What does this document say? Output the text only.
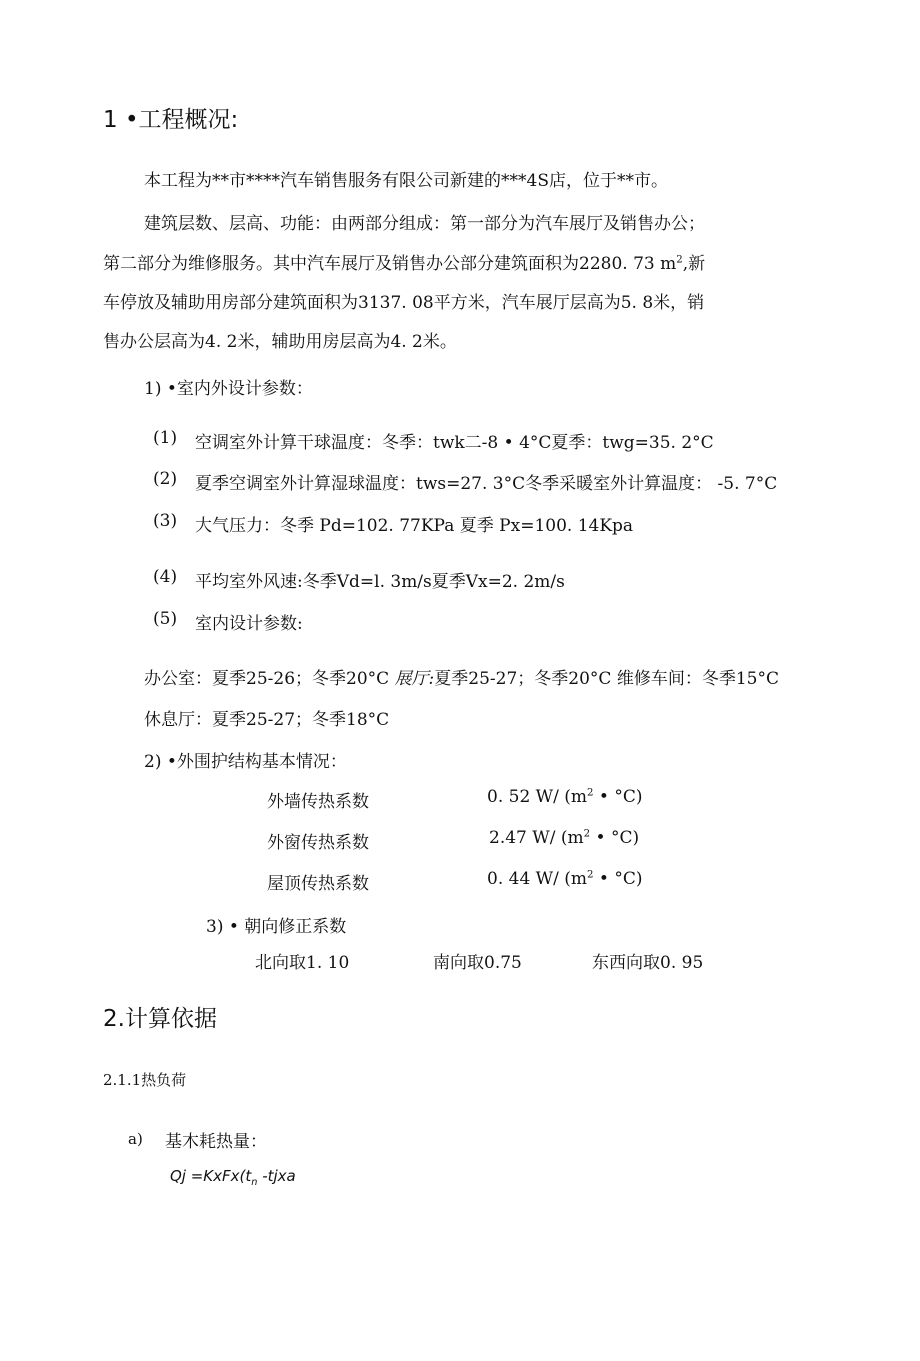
1 •工程概况:
本工程为**市****汽车销售服务有限公司新建的***4S店，位于**市。
建筑层数、层高、功能：由两部分组成：第一部分为汽车展厅及销售办公；
第二部分为维修服务。其中汽车展厅及销售办公部分建筑面积为2280. 73 $m^2$,新
车停放及辅助用房部分建筑面积为3137. 08平方米，汽车展厅层高为5. 8米，销
售办公层高为4. 2米，辅助用房层高为4. 2米。
1) •室内外设计参数：
(1) 空调室外计算干球温度：冬季：twk二-8 • 4°C夏季：twg=35. 2°C
(2) 夏季空调室外计算湿球温度：tws=27. 3°C冬季采暖室外计算温度： -5. 7°C
(3) 大气压力：冬季 Pd=102. 77KPa 夏季 Px=100. 14Kpa
(4) 平均室外风速:冬季Vd=l. 3m/s夏季Vx=2. 2m/s
(5) 室内设计参数:
办公室：夏季25-26；冬季20°C 展厅:夏季25-27；冬季20°C 维修车间：冬季15°C
休息厅：夏季25-27；冬季18°C
2) •外围护结构基本情况：
外墙传热系数	0. 52 W/ ($m^2$ • °C)
外窗传热系数	2.47 W/ ($m^2$ • °C)
屋顶传热系数	0. 44 W/ ($m^2$ • °C)
3) • 朝向修正系数
北向取1. 10	南向取0.75	东西向取0. 95
2.计算依据
2.1.1热负荷
a) 基木耗热量：
$Qj =KxFx(t_n$ -tjxa
